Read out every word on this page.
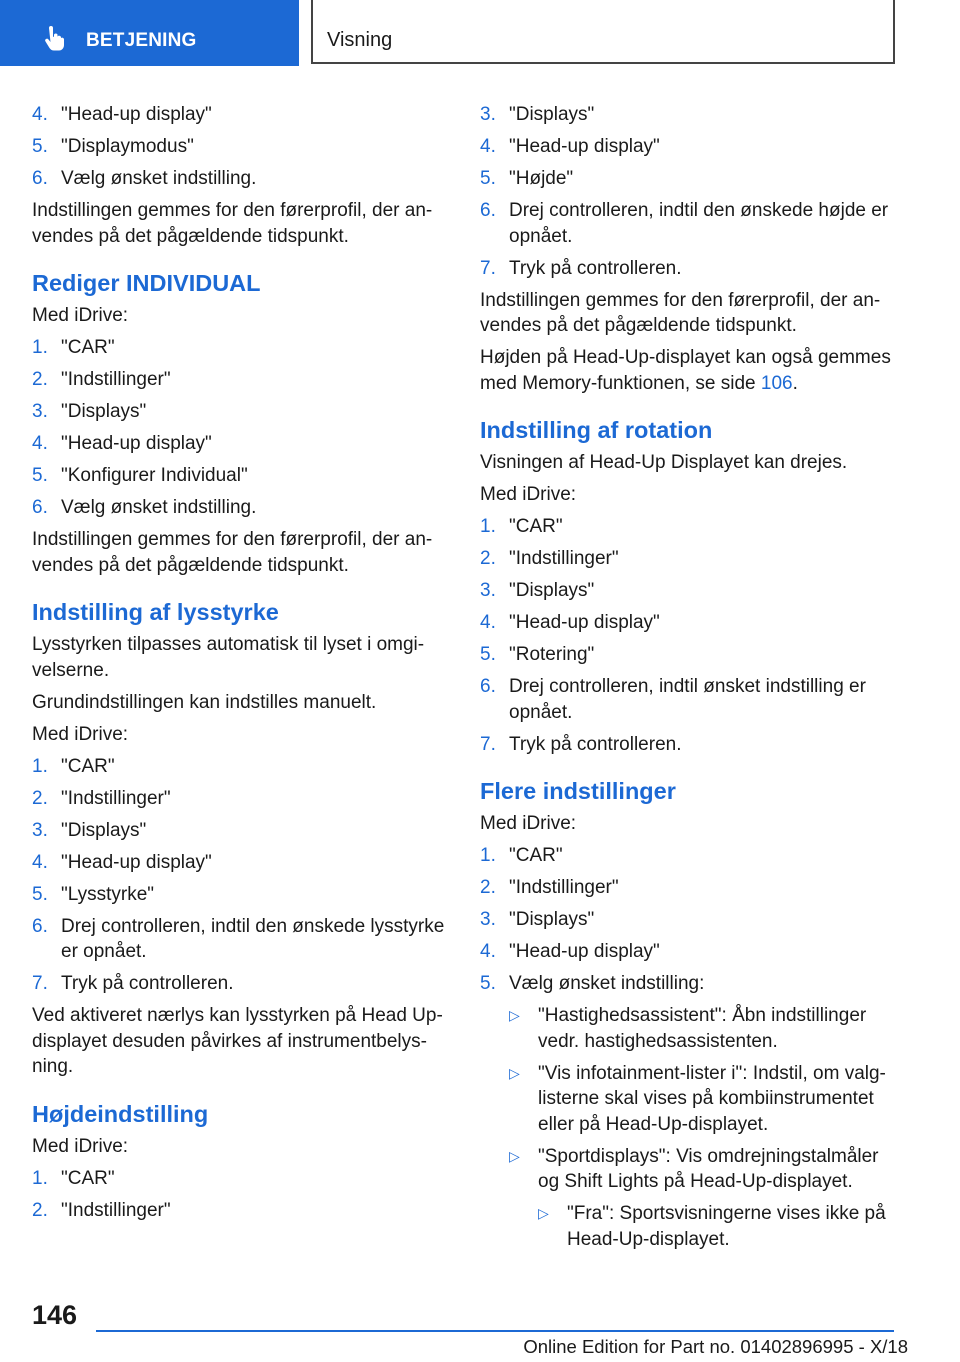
BETJENING	Visning
4. "Head-up display"
5. "Displaymodus"
6. Vælg ønsket indstilling.

Indstillingen gemmes for den førerprofil, der an‐ vendes på det pågældende tidspunkt.

Rediger INDIVIDUAL

Med iDrive:

1. "CAR"
2. "Indstillinger"
3. "Displays"
4. "Head-up display"
5. "Konfigurer Individual"
6. Vælg ønsket indstilling.

Indstillingen gemmes for den førerprofil, der an‐ vendes på det pågældende tidspunkt.

Indstilling af lysstyrke

Lysstyrken tilpasses automatisk til lyset i omgi‐ velserne.

Grundindstillingen kan indstilles manuelt.

Med iDrive:

1. "CAR"
2. "Indstillinger"
3. "Displays"
4. "Head-up display"
5. "Lysstyrke"
6. Drej controlleren, indtil den ønskede lysstyrke er opnået.
7. Tryk på controlleren.

Ved aktiveret nærlys kan lysstyrken på Head Up- displayet desuden påvirkes af instrumentbelys‐ ning.

Højdeindstilling

Med iDrive:

1. "CAR"
2. "Indstillinger"
3. "Displays"
4. "Head-up display"
5. "Højde"
6. Drej controlleren, indtil den ønskede højde er opnået.
7. Tryk på controlleren.

Indstillingen gemmes for den førerprofil, der an‐ vendes på det pågældende tidspunkt.

Højden på Head-Up-displayet kan også gemmes med Memory-funktionen, se side 106.

Indstilling af rotation

Visningen af Head-Up Displayet kan drejes.

Med iDrive:

1. "CAR"
2. "Indstillinger"
3. "Displays"
4. "Head-up display"
5. "Rotering"
6. Drej controlleren, indtil ønsket indstilling er opnået.
7. Tryk på controlleren.
Flere indstillinger

Med iDrive:

1. "CAR"
2. "Indstillinger"
3. "Displays"
4. "Head-up display"
5. Vælg ønsket indstilling:
▷ "Hastighedsassistent": Åbn indstillinger vedr. hastighedsassistenten.
▷ "Vis infotainment-lister i": Indstil, om valg‐ listerne skal vises på kombiinstrumentet eller på Head-Up-displayet.
▷ "Sportdisplays": Vis omdrejningstalmåler og Shift Lights på Head-Up-displayet.
▷ "Fra": Sportsvisningerne vises ikke på Head-Up-displayet.
146
Online Edition for Part no. 01402896995 - X/18
